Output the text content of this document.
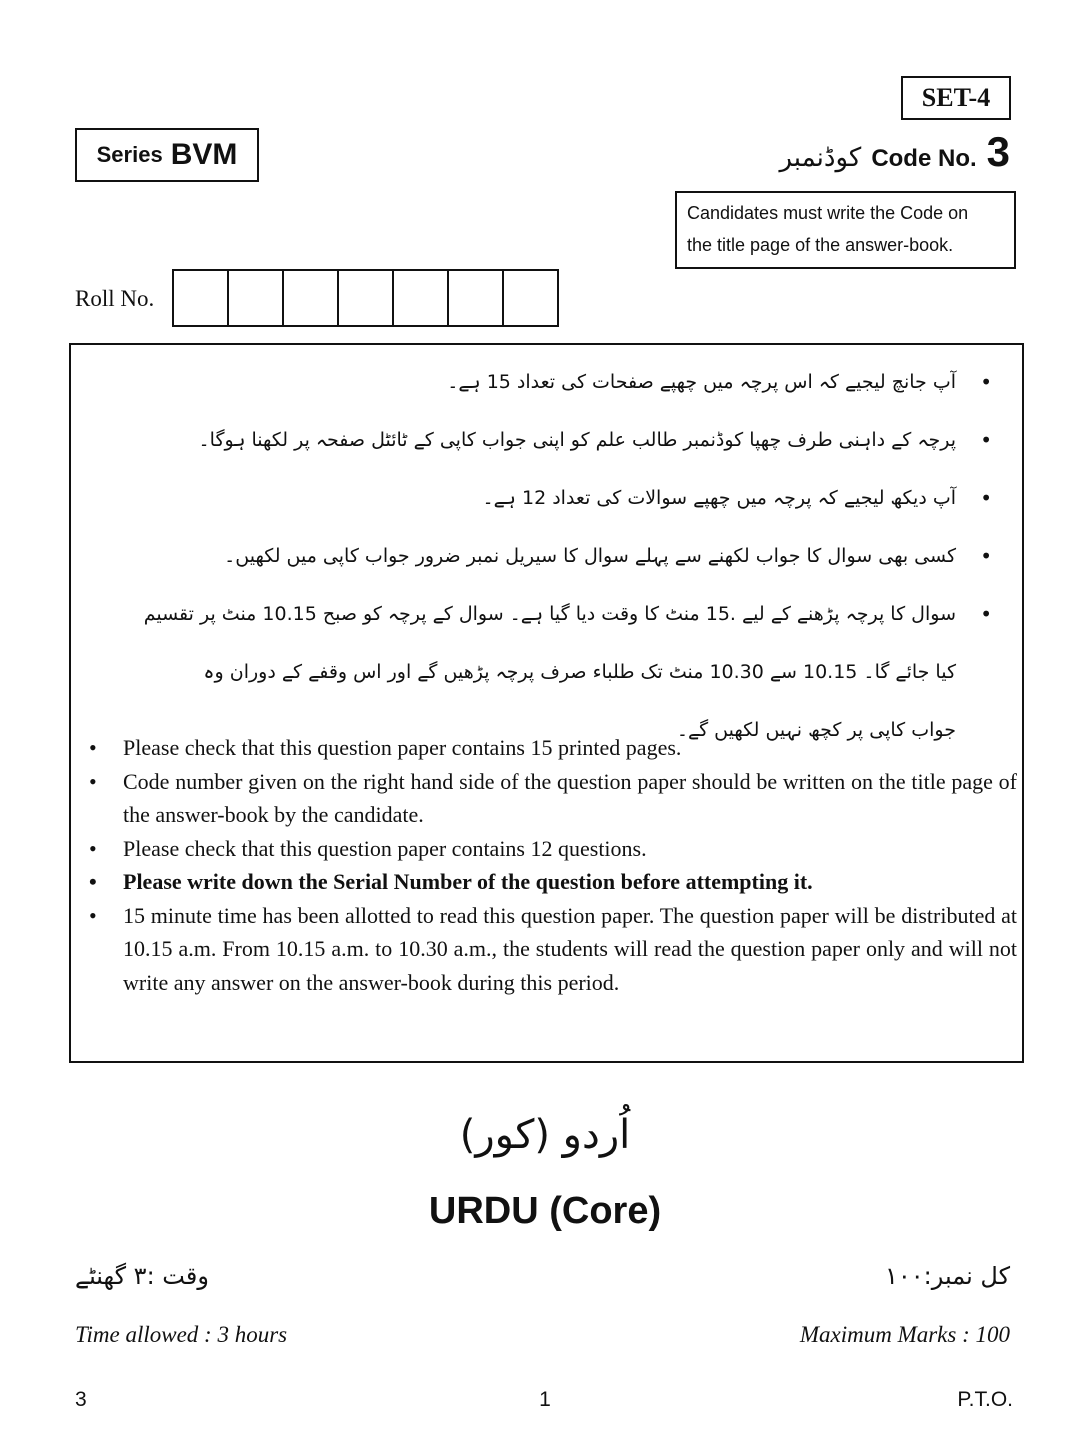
SET-4
Series BVM	کوڈنمبر Code No. 3
Candidates must write the Code on
the title page of the answer-book.
Roll No.
• آپ جانچ لیجیے کہ اس پرچہ میں چھپے صفحات کی تعداد 15 ہے۔
• پرچہ کے داہنی طرف چھپا کوڈنمبر طالب علم کو اپنی جواب کاپی کے ٹائٹل صفحہ پر لکھنا ہوگا۔
• آپ دیکھ لیجیے کہ پرچہ میں چھپے سوالات کی تعداد 12 ہے۔
• کسی بھی سوال کا جواب لکھنے سے پہلے سوال کا سیریل نمبر ضرور جواب کاپی میں لکھیں۔
• سوال کا پرچہ پڑھنے کے لیے .15 منٹ کا وقت دیا گیا ہے۔ سوال کے پرچہ کو صبح 10.15 منٹ پر تقسیم
کیا جائے گا۔ 10.15 سے 10.30 منٹ تک طلباء صرف پرچہ پڑھیں گے اور اس وقفے کے دوران وہ
جواب کاپی پر کچھ نہیں لکھیں گے۔
• Please check that this question paper contains 15 printed pages.
• Code number given on the right hand side of the question paper should be written on the title page of the answer-book by the candidate.
• Please check that this question paper contains 12 questions.
• Please write down the Serial Number of the question before attempting it.
• 15 minute time has been allotted to read this question paper. The question paper will be distributed at 10.15 a.m. From 10.15 a.m. to 10.30 a.m., the students will read the question paper only and will not write any answer on the answer-book during this period.
اُردو (کور)
URDU (Core)
وقت :۳ گھنٹے	کل نمبر:۱۰۰
Time allowed : 3 hours	Maximum Marks : 100
3	1	P.T.O.
